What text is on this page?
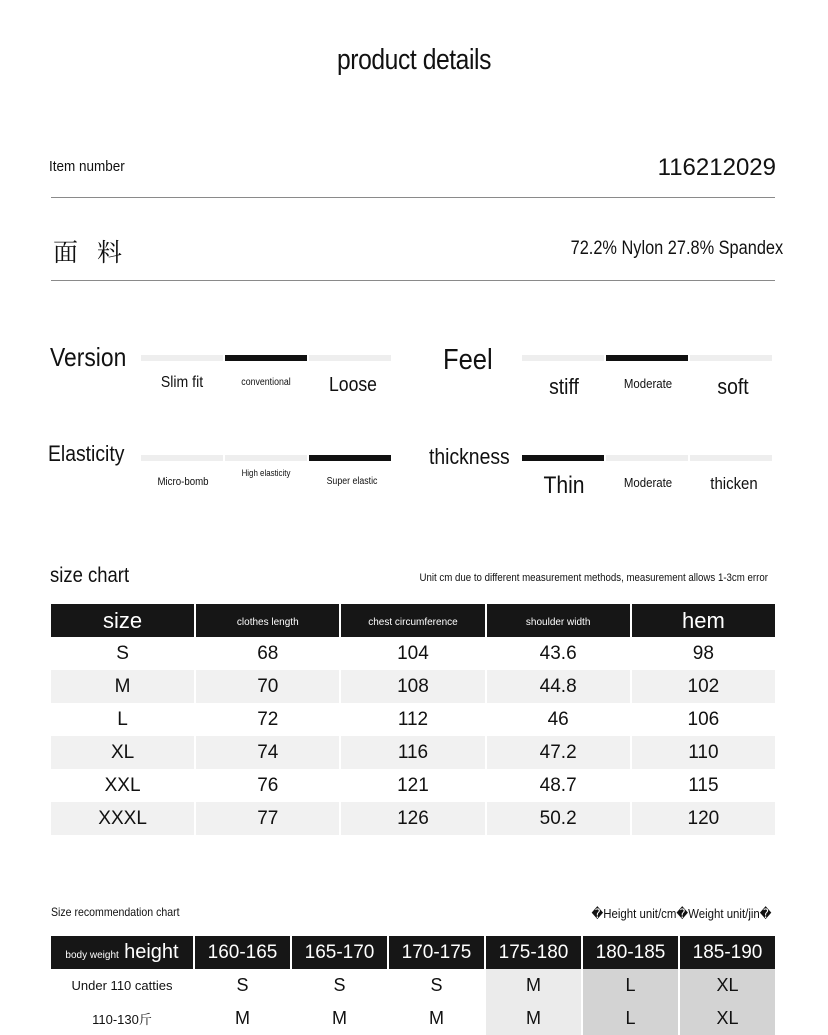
product details
Item number	116212029
面 料	72.2% Nylon 27.8% Spandex
Version
Slim fit	conventional	Loose
Feel
stiff	Moderate	soft
Elasticity
Micro-bomb
High elasticity
Super elastic
thickness
Thin	Moderate	thicken
size chart	Unit cm due to different measurement methods, measurement allows 1-3cm error
size	clothes length	chest circumference	shoulder width	hem

S	68	104	43.6	98
M	70	108	44.8	102
L	72	112	46	106
XL	74	116	47.2	110
XXL	76	121	48.7	115
XXXL	77	126	50.2	120
Size recommendation chart	�Height unit/cm�Weight unit/jin�
body weight height	160-165	165-170	170-175	175-180	180-185	185-190
Under 110 catties	S	S	S	M	L	XL
110-130斤	M	M	M	M	L	XL
